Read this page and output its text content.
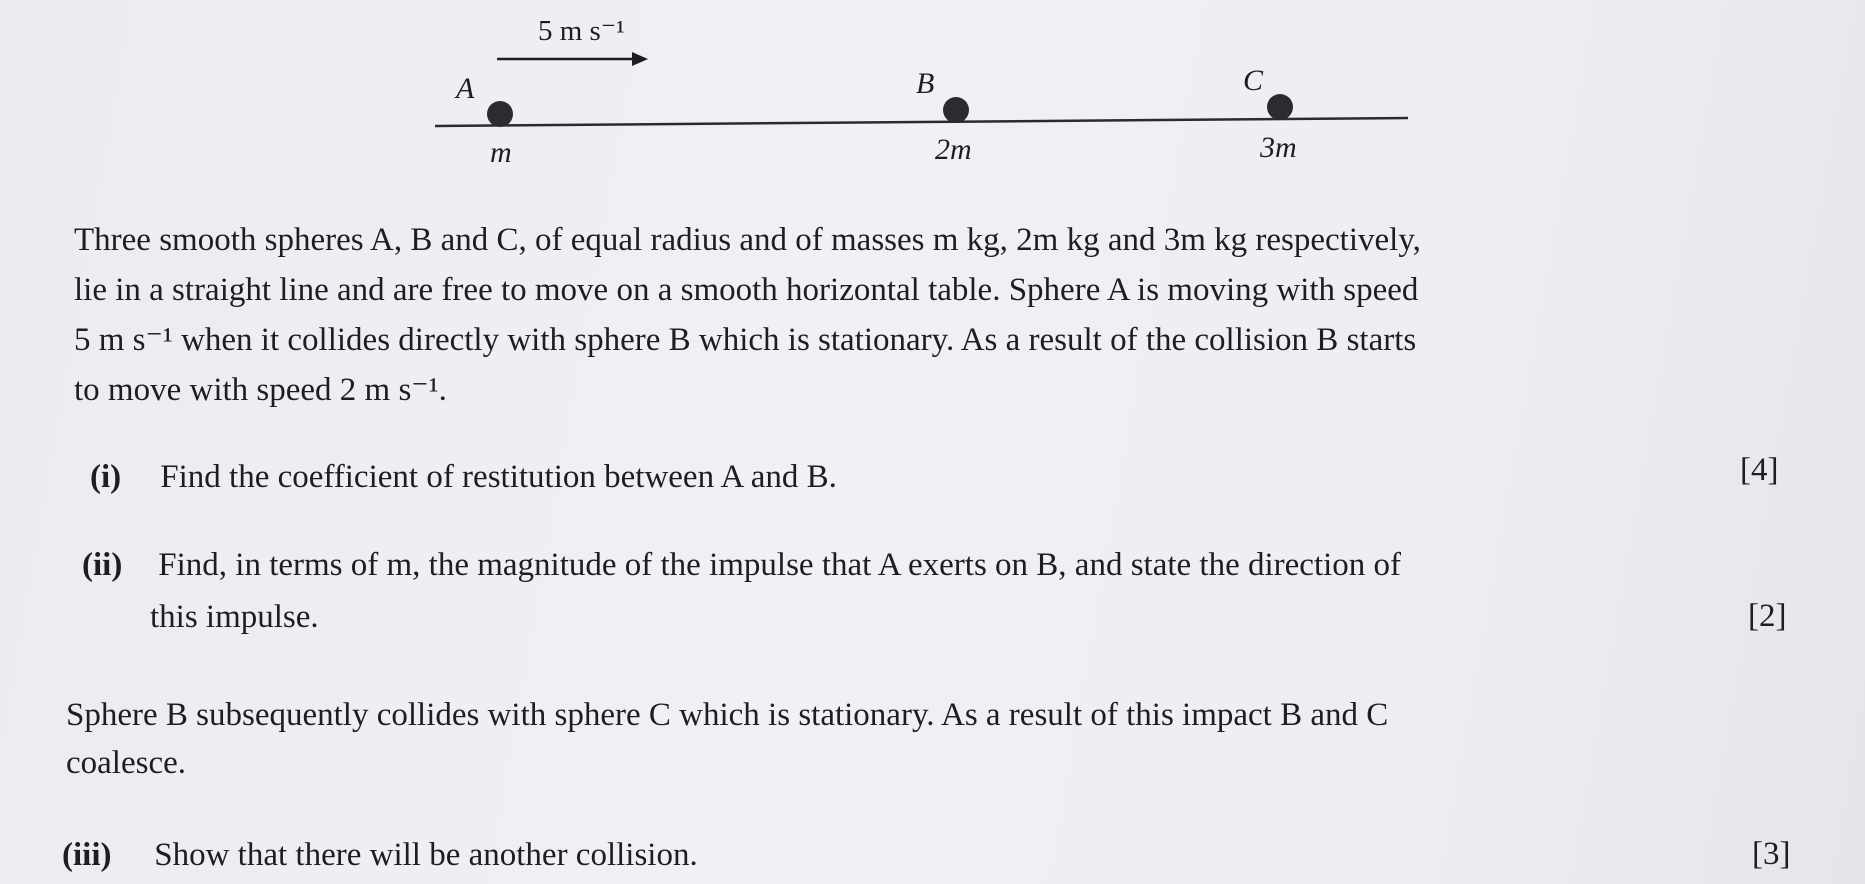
5 m s⁻¹
A
m
B
2m
C
3m
Three smooth spheres A, B and C, of equal radius and of masses m kg, 2m kg and 3m kg respectively,
lie in a straight line and are free to move on a smooth horizontal table. Sphere A is moving with speed
5 m s⁻¹ when it collides directly with sphere B which is stationary. As a result of the collision B starts
to move with speed 2 m s⁻¹.
(i) Find the coefficient of restitution between A and B.	[4]
(ii) Find, in terms of m, the magnitude of the impulse that A exerts on B, and state the direction of
this impulse.	[2]
Sphere B subsequently collides with sphere C which is stationary. As a result of this impact B and C
coalesce.
(iii) Show that there will be another collision.	[3]
